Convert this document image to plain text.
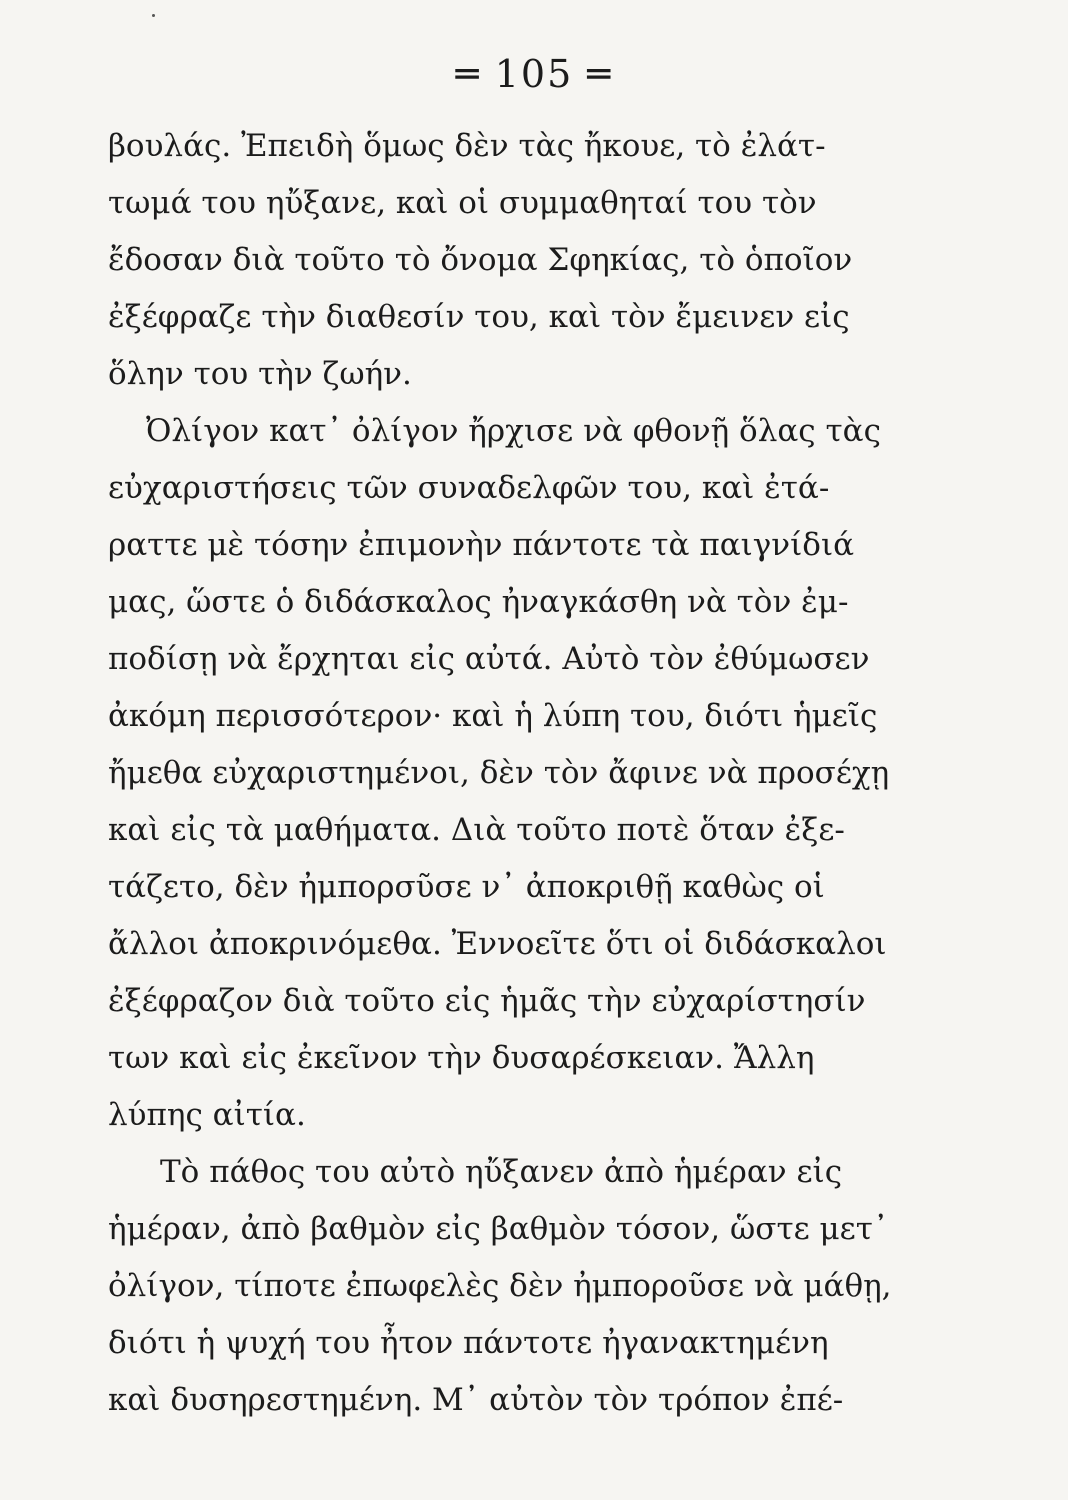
═ 105 ═
βουλάς. Ἐπειδὴ ὅμως δὲν τὰς ἤκουε, τὸ ἐλάτ-
τωμά του ηὔξανε, καὶ οἱ συμμαθηταί του τὸν
ἔδοσαν διὰ τοῦτο τὸ ὄνομα Σφηκίας, τὸ ὁποῖον
ἐξέφραζε τὴν διαθεσίν του, καὶ τὸν ἔμεινεν εἰς
ὅλην του τὴν ζωήν.
Ὀλίγον κατ᾽ ὀλίγον ἤρχισε νὰ φθονῇ ὅλας τὰς
εὐχαριστήσεις τῶν συναδελφῶν του, καὶ ἐτά-
ραττε μὲ τόσην ἐπιμονὴν πάντοτε τὰ παιγνίδιά
μας, ὥστε ὁ διδάσκαλος ἠναγκάσθη νὰ τὸν ἐμ-
ποδίσῃ νὰ ἔρχηται εἰς αὐτά. Αὐτὸ τὸν ἐθύμωσεν
ἀκόμη περισσότερον· καὶ ἡ λύπη του, διότι ἡμεῖς
ἤμεθα εὐχαριστημένοι, δὲν τὸν ἄφινε νὰ προσέχῃ
καὶ εἰς τὰ μαθήματα. Διὰ τοῦτο ποτὲ ὅταν ἐξε-
τάζετο, δὲν ἠμπορσῦσε ν᾽ ἀποκριθῇ καθὼς οἱ
ἄλλοι ἀποκρινόμεθα. Ἐννοεῖτε ὅτι οἱ διδάσκαλοι
ἐξέφραζον διὰ τοῦτο εἰς ἡμᾶς τὴν εὐχαρίστησίν
των καὶ εἰς ἐκεῖνον τὴν δυσαρέσκειαν. Ἄλλη
λύπης αἰτία.
Τὸ πάθος του αὐτὸ ηὔξανεν ἀπὸ ἡμέραν εἰς
ἡμέραν, ἀπὸ βαθμὸν εἰς βαθμὸν τόσον, ὥστε μετ᾽
ὀλίγον, τίποτε ἐπωφελὲς δὲν ἠμποροῦσε νὰ μάθῃ,
διότι ἡ ψυχή του ἦτον πάντοτε ἠγανακτημένη
καὶ δυσηρεστημένη. Μ᾽ αὐτὸν τὸν τρόπον ἐπέ-
